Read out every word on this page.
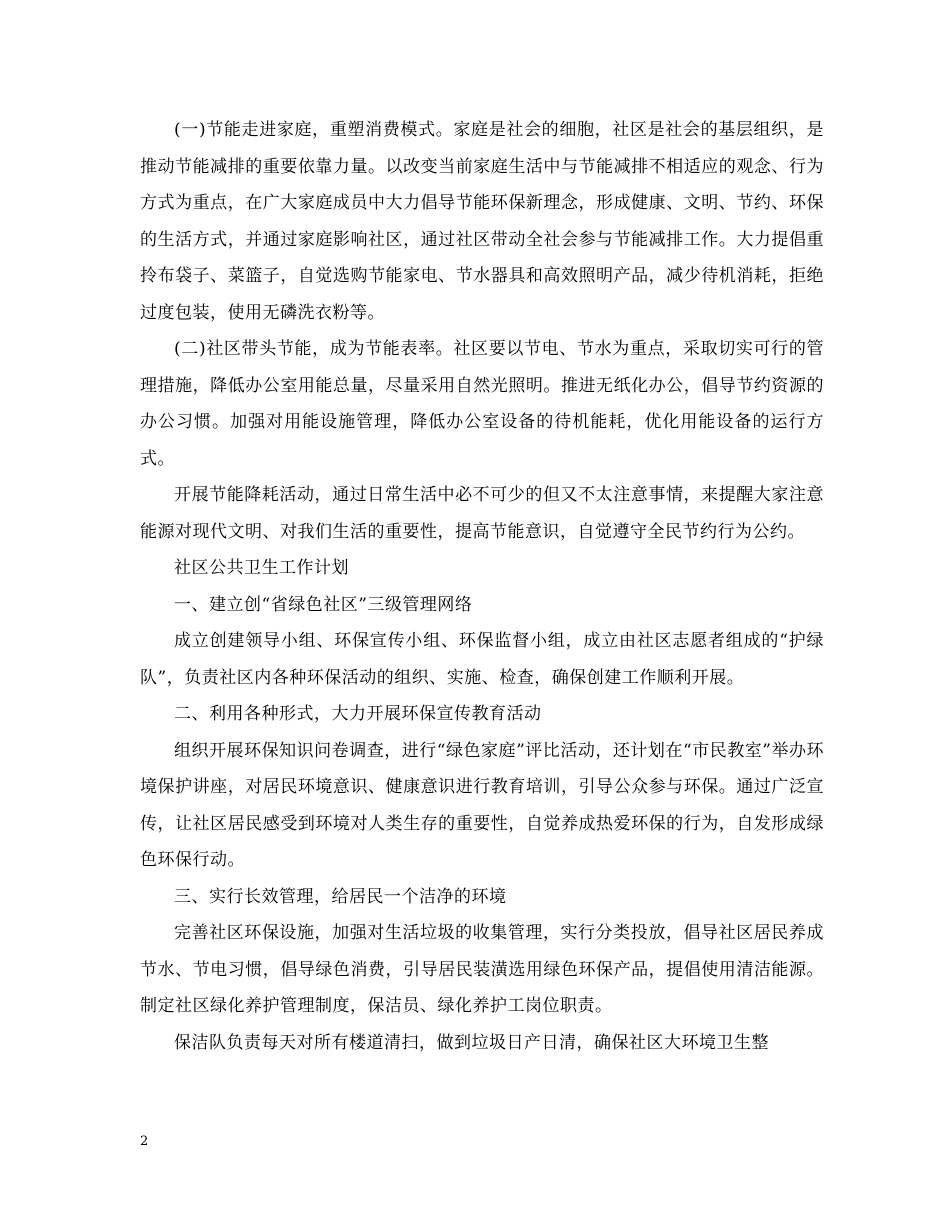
(一)节能走进家庭，重塑消费模式。家庭是社会的细胞，社区是社会的基层组织，是推动节能减排的重要依靠力量。以改变当前家庭生活中与节能减排不相适应的观念、行为方式为重点，在广大家庭成员中大力倡导节能环保新理念，形成健康、文明、节约、环保的生活方式，并通过家庭影响社区，通过社区带动全社会参与节能减排工作。大力提倡重拎布袋子、菜篮子，自觉选购节能家电、节水器具和高效照明产品，减少待机消耗，拒绝过度包装，使用无磷洗衣粉等。

(二)社区带头节能，成为节能表率。社区要以节电、节水为重点，采取切实可行的管理措施，降低办公室用能总量，尽量采用自然光照明。推进无纸化办公，倡导节约资源的办公习惯。加强对用能设施管理，降低办公室设备的待机能耗，优化用能设备的运行方式。

开展节能降耗活动，通过日常生活中必不可少的但又不太注意事情，来提醒大家注意能源对现代文明、对我们生活的重要性，提高节能意识，自觉遵守全民节约行为公约。

社区公共卫生工作计划

一、建立创“省绿色社区”三级管理网络

成立创建领导小组、环保宣传小组、环保监督小组，成立由社区志愿者组成的“护绿队”，负责社区内各种环保活动的组织、实施、检查，确保创建工作顺利开展。

二、利用各种形式，大力开展环保宣传教育活动

组织开展环保知识问卷调查，进行“绿色家庭”评比活动，还计划在“市民教室”举办环境保护讲座，对居民环境意识、健康意识进行教育培训，引导公众参与环保。通过广泛宣传，让社区居民感受到环境对人类生存的重要性，自觉养成热爱环保的行为，自发形成绿色环保行动。

三、实行长效管理，给居民一个洁净的环境

完善社区环保设施，加强对生活垃圾的收集管理，实行分类投放，倡导社区居民养成节水、节电习惯，倡导绿色消费，引导居民装潢选用绿色环保产品，提倡使用清洁能源。制定社区绿化养护管理制度，保洁员、绿化养护工岗位职责。

保洁队负责每天对所有楼道清扫，做到垃圾日产日清，确保社区大环境卫生整

2
